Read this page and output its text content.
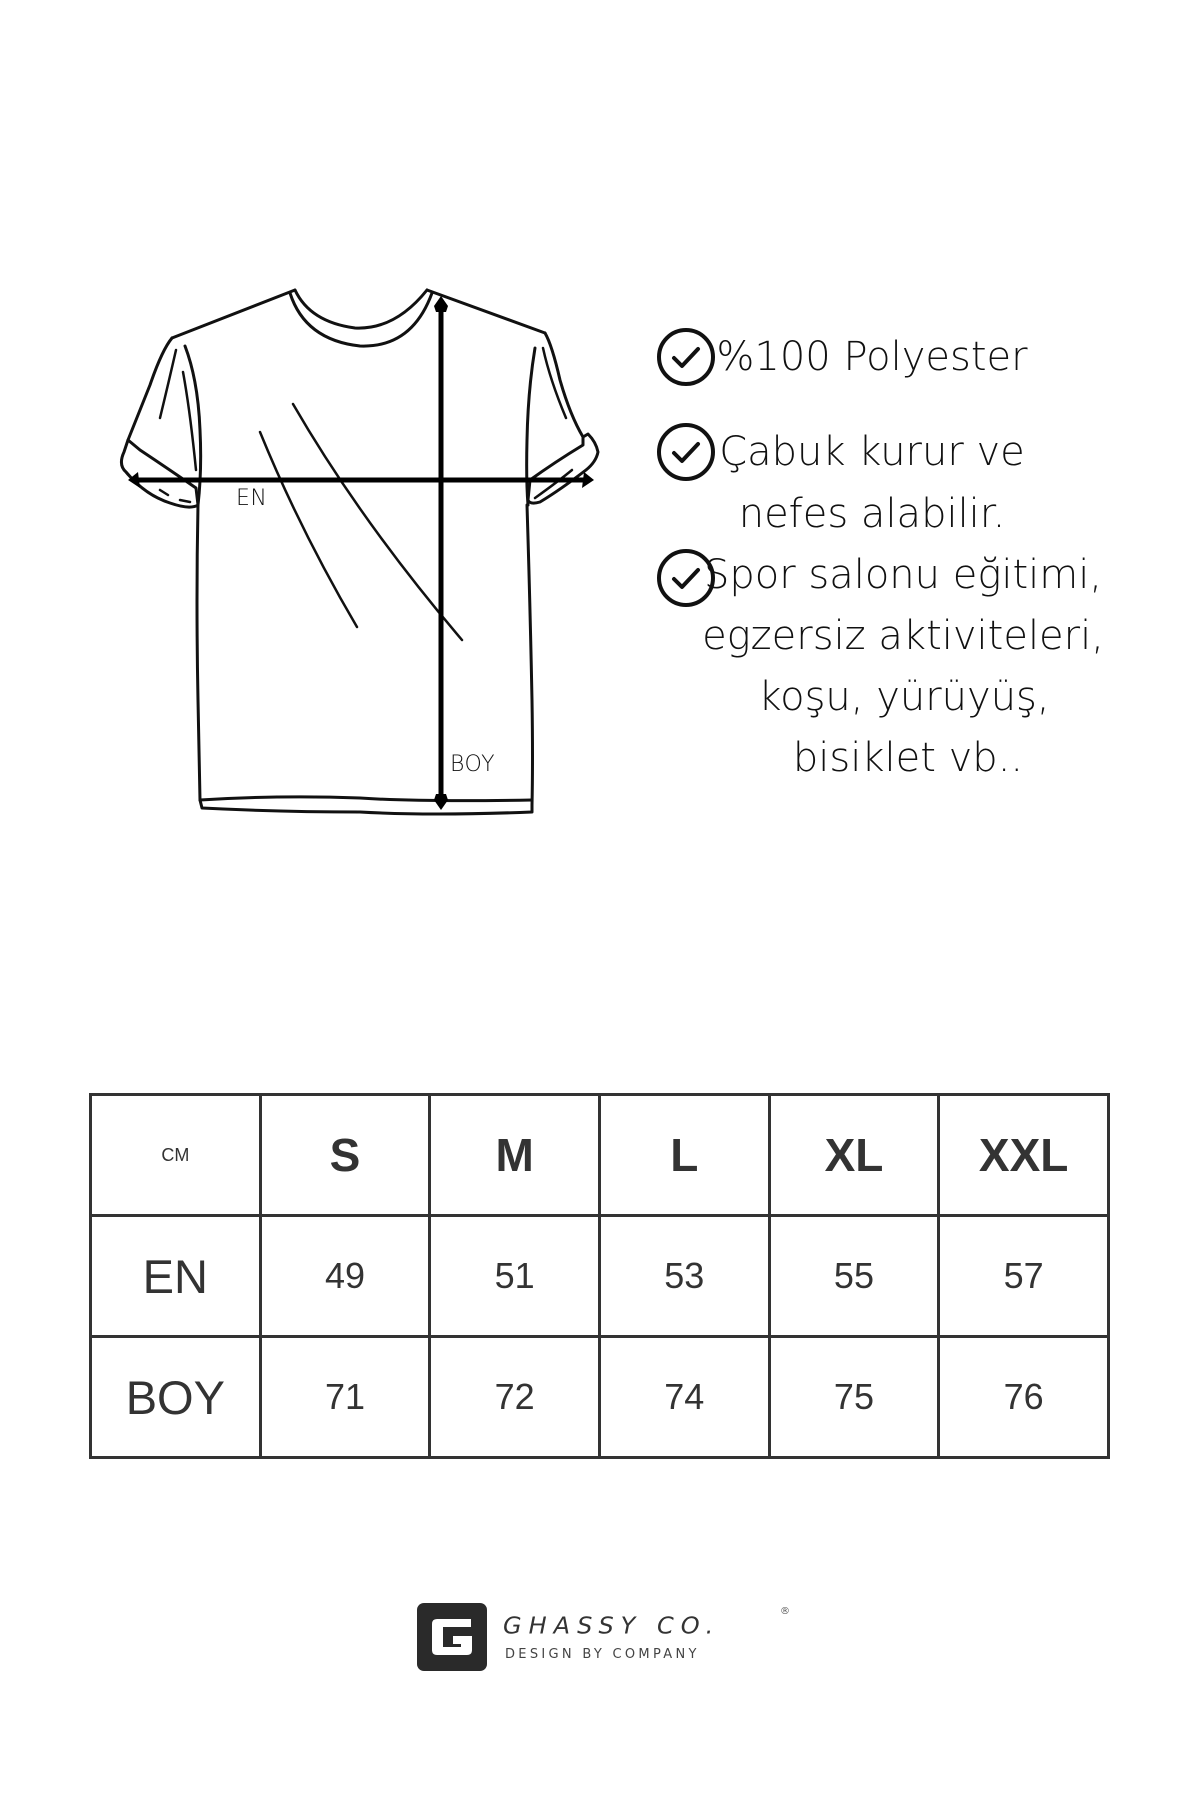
EN
BOY
%100 Polyester
Çabuk kurur ve
nefes alabilir.
Spor salonu eğitimi,
egzersiz aktiviteleri,
koşu, yürüyüş,
bisiklet vb..
CM	S	M	L	XL	XXL
EN	49	51	53	55	57
BOY	71	72	74	75	76
GHASSY CO.
®
DESIGN BY COMPANY
